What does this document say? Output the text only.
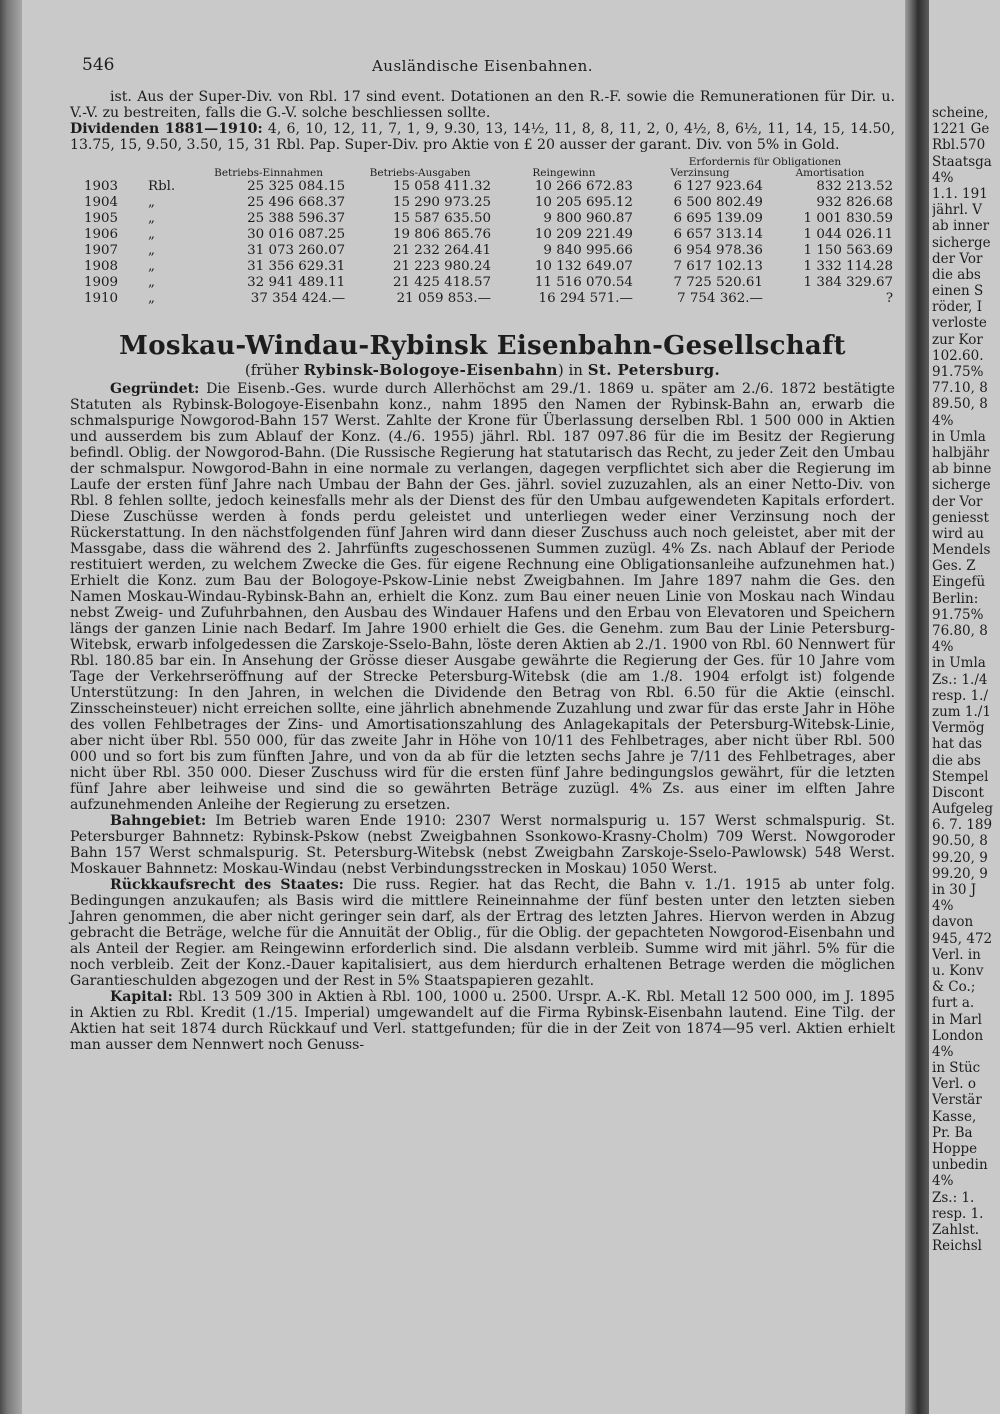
546	Ausländische Eisenbahnen.

ist. Aus der Super-Div. von Rbl. 17 sind event. Dotationen an den R.-F. sowie die Remunerationen für Dir. u. V.-V. zu bestreiten, falls die G.-V. solche beschliessen sollte.

Dividenden 1881—1910: 4, 6, 10, 12, 11, 7, 1, 9, 9.30, 13, 14½, 11, 8, 8, 11, 2, 0, 4½, 8, 6½, 11, 14, 15, 14.50, 13.75, 15, 9.50, 3.50, 15, 31 Rbl. Pap. Super-Div. pro Aktie von £ 20 ausser der garant. Div. von 5% in Gold.

		Betriebs-Einnahmen	Betriebs-Ausgaben	Reingewinn	Erfordernis für Obligationen	
					Verzinsung	Amortisation
1903	Rbl.	25 325 084.15	15 058 411.32	10 266 672.83	6 127 923.64	832 213.52
1904	„	25 496 668.37	15 290 973.25	10 205 695.12	6 500 802.49	932 826.68
1905	„	25 388 596.37	15 587 635.50	9 800 960.87	6 695 139.09	1 001 830.59
1906	„	30 016 087.25	19 806 865.76	10 209 221.49	6 657 313.14	1 044 026.11
1907	„	31 073 260.07	21 232 264.41	9 840 995.66	6 954 978.36	1 150 563.69
1908	„	31 356 629.31	21 223 980.24	10 132 649.07	7 617 102.13	1 332 114.28
1909	„	32 941 489.11	21 425 418.57	11 516 070.54	7 725 520.61	1 384 329.67
1910	„	37 354 424.—	21 059 853.—	16 294 571.—	7 754 362.—	?
Moskau-Windau-Rybinsk Eisenbahn-Gesellschaft
(früher Rybinsk-Bologoye-Eisenbahn) in St. Petersburg.

Gegründet: Die Eisenb.-Ges. wurde durch Allerhöchst am 29./1. 1869 u. später am 2./6. 1872 bestätigte Statuten als Rybinsk-Bologoye-Eisenbahn konz., nahm 1895 den Namen der Rybinsk-Bahn an, erwarb die schmalspurige Nowgorod-Bahn 157 Werst. Zahlte der Krone für Überlassung derselben Rbl. 1 500 000 in Aktien und ausserdem bis zum Ablauf der Konz. (4./6. 1955) jährl. Rbl. 187 097.86 für die im Besitz der Regierung befindl. Oblig. der Nowgorod-Bahn. (Die Russische Regierung hat statutarisch das Recht, zu jeder Zeit den Umbau der schmalspur. Nowgorod-Bahn in eine normale zu verlangen, dagegen verpflichtet sich aber die Regierung im Laufe der ersten fünf Jahre nach Umbau der Bahn der Ges. jährl. soviel zuzuzahlen, als an einer Netto-Div. von Rbl. 8 fehlen sollte, jedoch keinesfalls mehr als der Dienst des für den Umbau aufgewendeten Kapitals erfordert. Diese Zuschüsse werden à fonds perdu geleistet und unterliegen weder einer Verzinsung noch der Rückerstattung. In den nächstfolgenden fünf Jahren wird dann dieser Zuschuss auch noch geleistet, aber mit der Massgabe, dass die während des 2. Jahrfünfts zugeschossenen Summen zuzügl. 4% Zs. nach Ablauf der Periode restituiert werden, zu welchem Zwecke die Ges. für eigene Rechnung eine Obligationsanleihe aufzunehmen hat.) Erhielt die Konz. zum Bau der Bologoye-Pskow-Linie nebst Zweigbahnen. Im Jahre 1897 nahm die Ges. den Namen Moskau-Windau-Rybinsk-Bahn an, erhielt die Konz. zum Bau einer neuen Linie von Moskau nach Windau nebst Zweig- und Zufuhrbahnen, den Ausbau des Windauer Hafens und den Erbau von Elevatoren und Speichern längs der ganzen Linie nach Bedarf. Im Jahre 1900 erhielt die Ges. die Genehm. zum Bau der Linie Petersburg-Witebsk, erwarb infolgedessen die Zarskoje-Sselo-Bahn, löste deren Aktien ab 2./1. 1900 von Rbl. 60 Nennwert für Rbl. 180.85 bar ein. In Ansehung der Grösse dieser Ausgabe gewährte die Regierung der Ges. für 10 Jahre vom Tage der Verkehrseröffnung auf der Strecke Petersburg-Witebsk (die am 1./8. 1904 erfolgt ist) folgende Unterstützung: In den Jahren, in welchen die Dividende den Betrag von Rbl. 6.50 für die Aktie (einschl. Zinsscheinsteuer) nicht erreichen sollte, eine jährlich abnehmende Zuzahlung und zwar für das erste Jahr in Höhe des vollen Fehlbetrages der Zins- und Amortisationszahlung des Anlagekapitals der Petersburg-Witebsk-Linie, aber nicht über Rbl. 550 000, für das zweite Jahr in Höhe von 10/11 des Fehlbetrages, aber nicht über Rbl. 500 000 und so fort bis zum fünften Jahre, und von da ab für die letzten sechs Jahre je 7/11 des Fehlbetrages, aber nicht über Rbl. 350 000. Dieser Zuschuss wird für die ersten fünf Jahre bedingungslos gewährt, für die letzten fünf Jahre aber leihweise und sind die so gewährten Beträge zuzügl. 4% Zs. aus einer im elften Jahre aufzunehmenden Anleihe der Regierung zu ersetzen.

Bahngebiet: Im Betrieb waren Ende 1910: 2307 Werst normalspurig u. 157 Werst schmalspurig. St. Petersburger Bahnnetz: Rybinsk-Pskow (nebst Zweigbahnen Ssonkowo-Krasny-Cholm) 709 Werst. Nowgoroder Bahn 157 Werst schmalspurig. St. Petersburg-Witebsk (nebst Zweigbahn Zarskoje-Sselo-Pawlowsk) 548 Werst. Moskauer Bahnnetz: Moskau-Windau (nebst Verbindungsstrecken in Moskau) 1050 Werst.

Rückkaufsrecht des Staates: Die russ. Regier. hat das Recht, die Bahn v. 1./1. 1915 ab unter folg. Bedingungen anzukaufen; als Basis wird die mittlere Reineinnahme der fünf besten unter den letzten sieben Jahren genommen, die aber nicht geringer sein darf, als der Ertrag des letzten Jahres. Hiervon werden in Abzug gebracht die Beträge, welche für die Annuität der Oblig., für die Oblig. der gepachteten Nowgorod-Eisenbahn und als Anteil der Regier. am Reingewinn erforderlich sind. Die alsdann verbleib. Summe wird mit jährl. 5% für die noch verbleib. Zeit der Konz.-Dauer kapitalisiert, aus dem hierdurch erhaltenen Betrage werden die möglichen Garantieschulden abgezogen und der Rest in 5% Staatspapieren gezahlt.

Kapital: Rbl. 13 509 300 in Aktien à Rbl. 100, 1000 u. 2500. Urspr. A.-K. Rbl. Metall 12 500 000, im J. 1895 in Aktien zu Rbl. Kredit (1./15. Imperial) umgewandelt auf die Firma Rybinsk-Eisenbahn lautend. Eine Tilg. der Aktien hat seit 1874 durch Rückkauf und Verl. stattgefunden; für die in der Zeit von 1874—95 verl. Aktien erhielt man ausser dem Nennwert noch Genuss-

scheine,
1221 Ge
Rbl.570
Staatsga
4%
1.1. 191
jährl. V
ab inner
sicherge
der Vor
die abs
einen S
röder, I
verloste
zur Kor
102.60.
91.75%
77.10, 8
89.50, 8
4%
in Umla
halbjähr
ab binne
sicherge
der Vor
geniesst
wird au
Mendels
Ges. Z
Eingefü
Berlin:
91.75%
76.80, 8
4%
in Umla
Zs.: 1./4
resp. 1./
zum 1./1
Vermög
hat das
die abs
Stempel
Discont
Aufgeleg
6. 7. 189
90.50, 8
99.20, 9
99.20, 9
in 30 J
4%
davon
945, 472
Verl. in
u. Konv
& Co.;
furt a.
in Marl
London
4%
in Stüc
Verl. o
Verstär
Kasse,
Pr. Ba
Hoppe
unbedin
4%
Zs.: 1.
resp. 1.
Zahlst.
Reichsl
